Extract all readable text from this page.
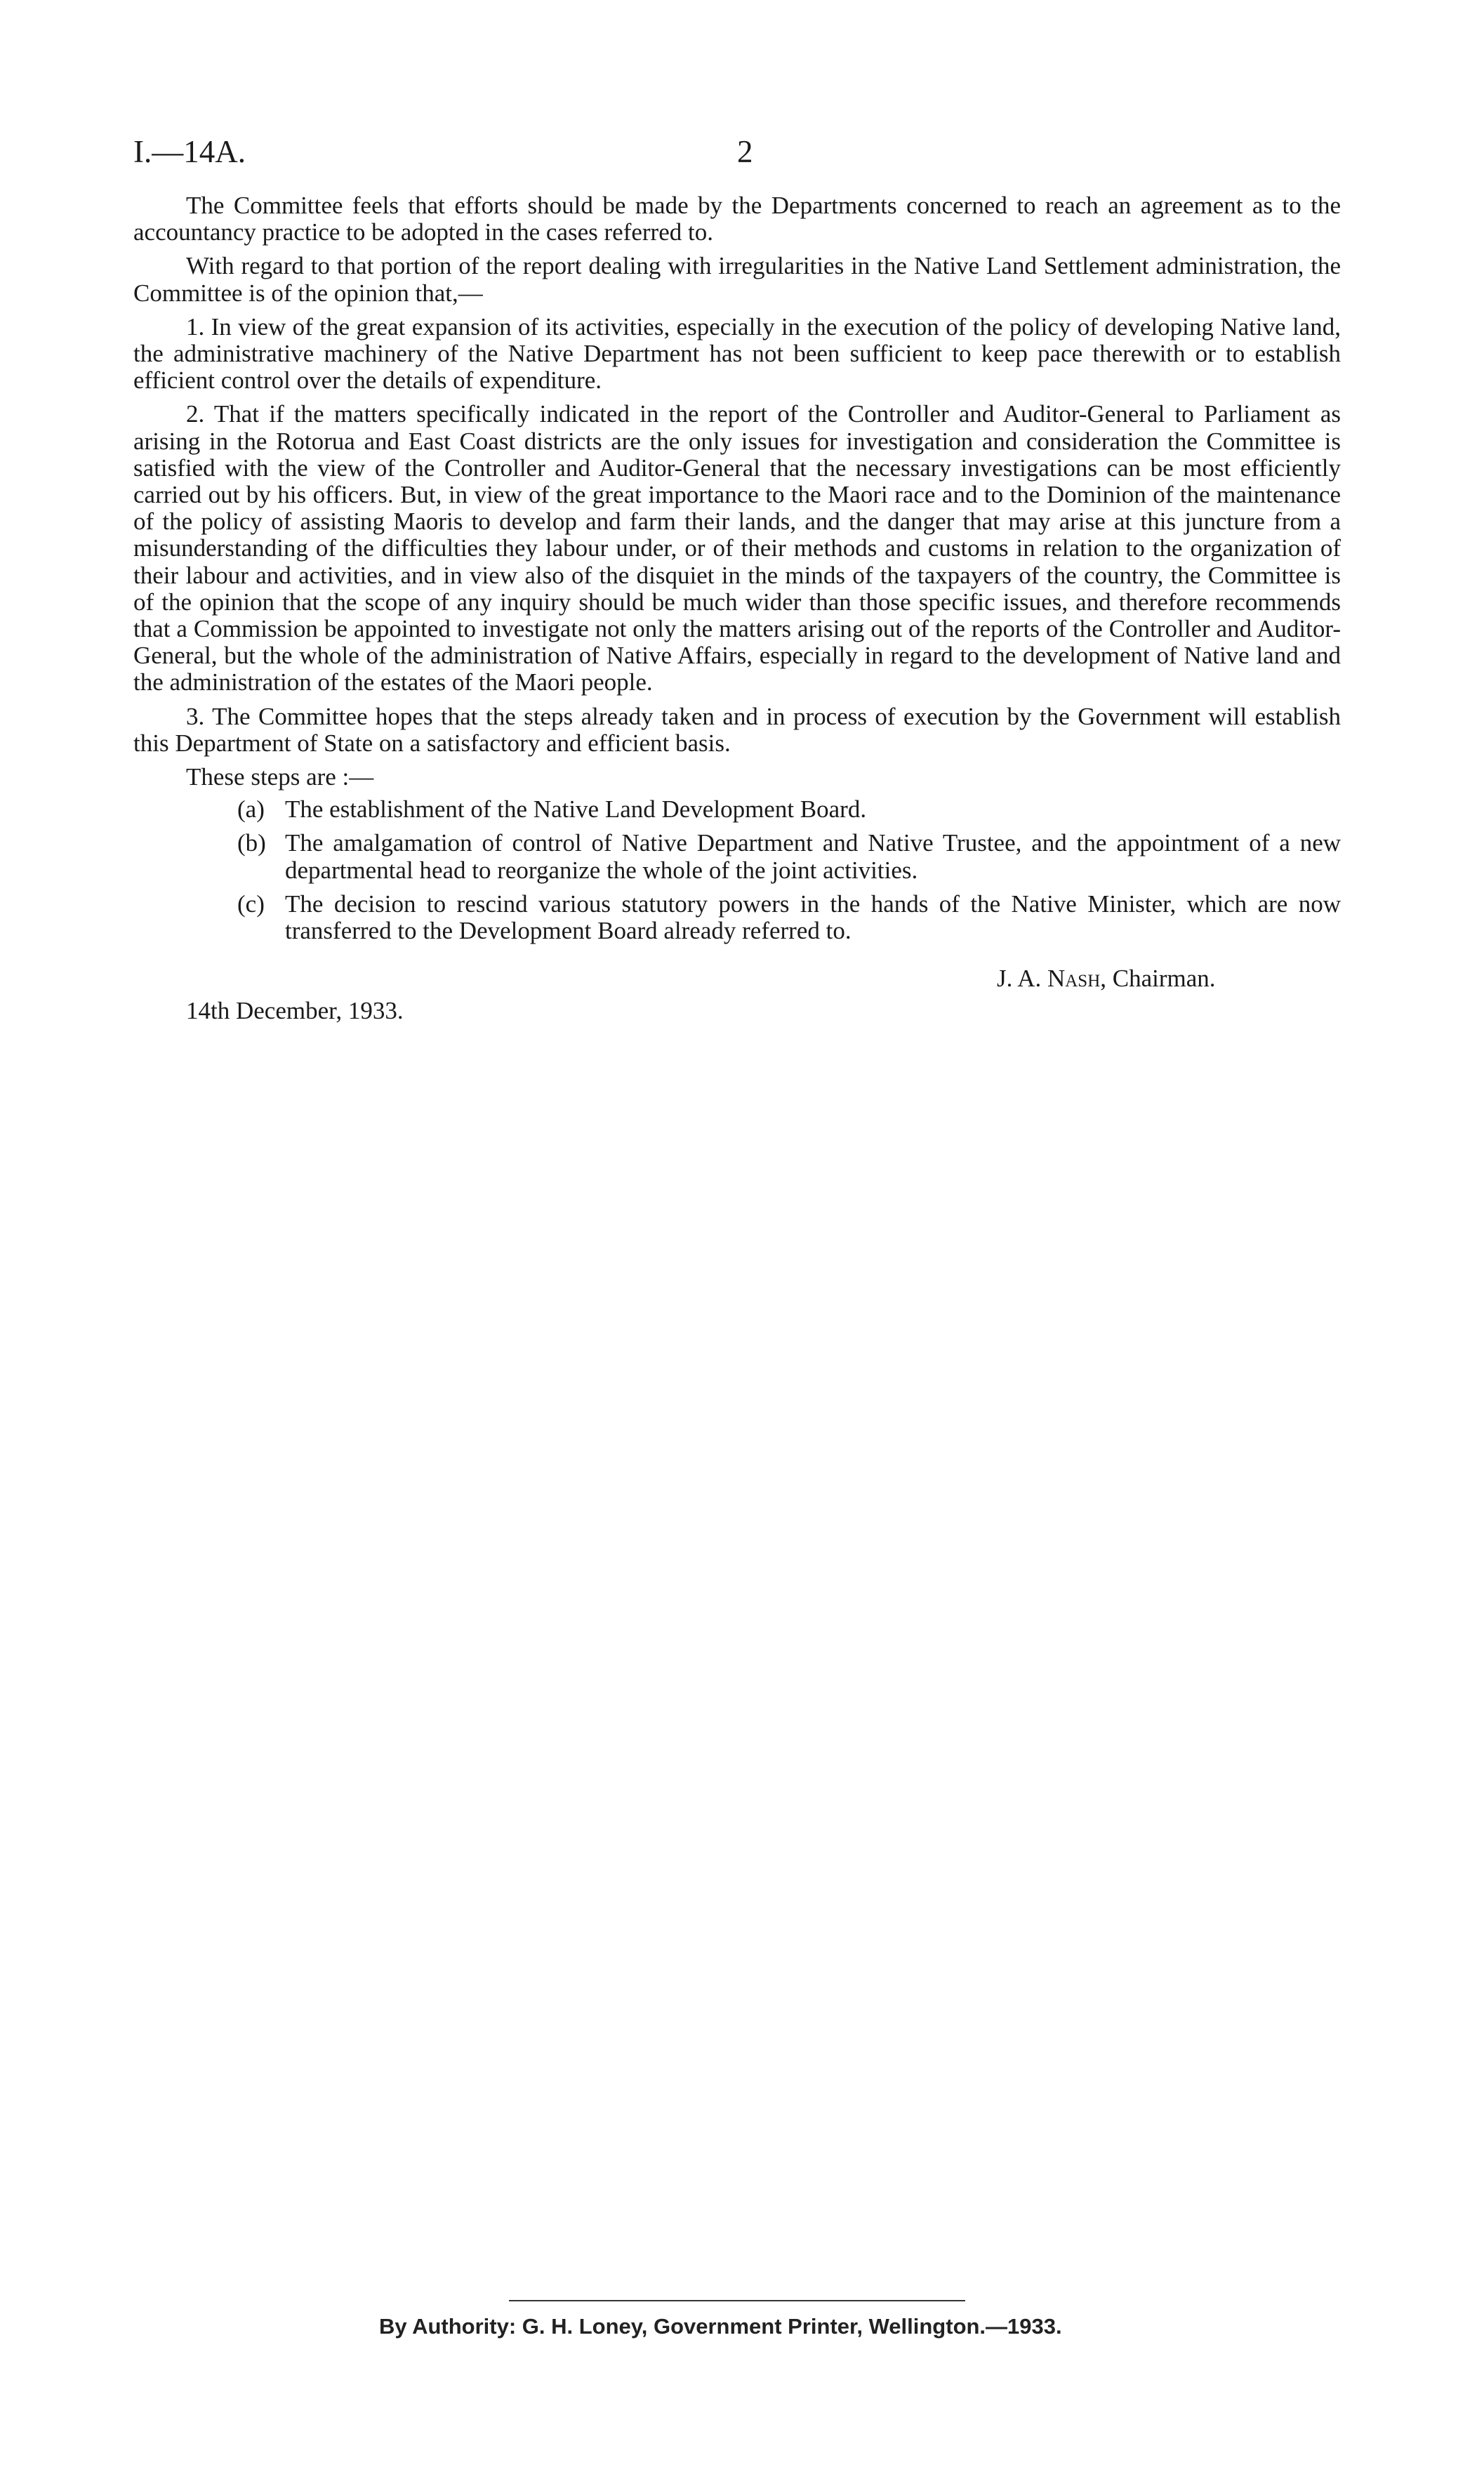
I.—14A.	2

The Committee feels that efforts should be made by the Departments concerned to reach an agreement as to the accountancy practice to be adopted in the cases referred to.

With regard to that portion of the report dealing with irregularities in the Native Land Settlement administration, the Committee is of the opinion that,—

1. In view of the great expansion of its activities, especially in the execution of the policy of developing Native land, the administrative machinery of the Native Department has not been sufficient to keep pace therewith or to establish efficient control over the details of expenditure.

2. That if the matters specifically indicated in the report of the Controller and Auditor-General to Parliament as arising in the Rotorua and East Coast districts are the only issues for investigation and consideration the Committee is satisfied with the view of the Controller and Auditor-General that the necessary investigations can be most efficiently carried out by his officers. But, in view of the great importance to the Maori race and to the Dominion of the maintenance of the policy of assisting Maoris to develop and farm their lands, and the danger that may arise at this juncture from a misunderstanding of the difficulties they labour under, or of their methods and customs in relation to the organization of their labour and activities, and in view also of the disquiet in the minds of the taxpayers of the country, the Committee is of the opinion that the scope of any inquiry should be much wider than those specific issues, and therefore recommends that a Commission be appointed to investigate not only the matters arising out of the reports of the Controller and Auditor-General, but the whole of the administration of Native Affairs, especially in regard to the development of Native land and the administration of the estates of the Maori people.

3. The Committee hopes that the steps already taken and in process of execution by the Government will establish this Department of State on a satisfactory and efficient basis.

These steps are :—

(a) The establishment of the Native Land Development Board.
(b) The amalgamation of control of Native Department and Native Trustee, and the appointment of a new departmental head to reorganize the whole of the joint activities.
(c) The decision to rescind various statutory powers in the hands of the Native Minister, which are now transferred to the Development Board already referred to.
J. A. Nash, Chairman.
14th December, 1933.
By Authority: G. H. Loney, Government Printer, Wellington.—1933.
